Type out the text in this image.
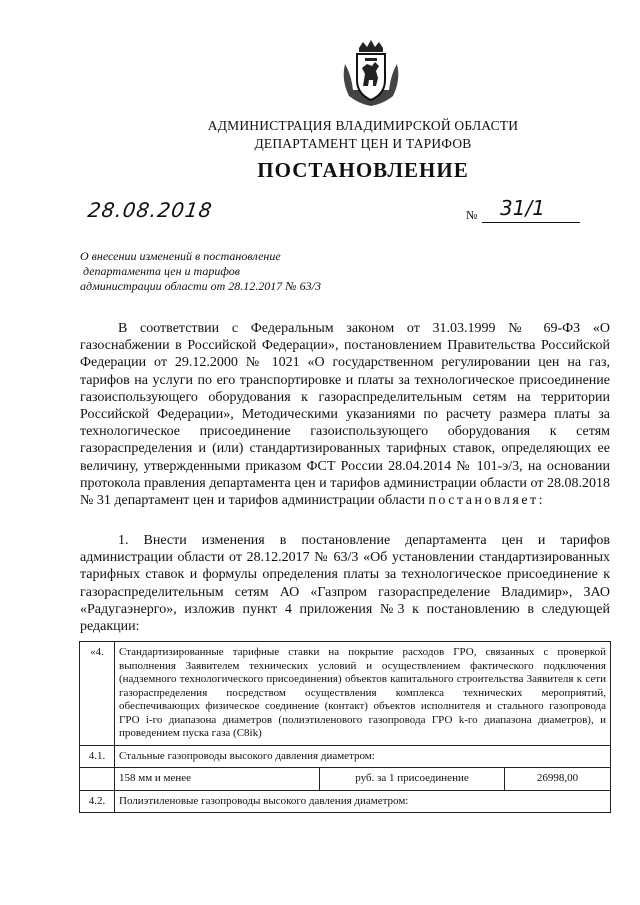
АДМИНИСТРАЦИЯ ВЛАДИМИРСКОЙ ОБЛАСТИ
ДЕПАРТАМЕНТ ЦЕН И ТАРИФОВ
ПОСТАНОВЛЕНИЕ
28.08.2018	№ 31/1
О внесении изменений в постановление
департамента цен и тарифов
администрации области от 28.12.2017 № 63/3
В соответствии с Федеральным законом от 31.03.1999 № 69-ФЗ «О газоснабжении в Российской Федерации», постановлением Правительства Российской Федерации от 29.12.2000 № 1021 «О государственном регулировании цен на газ, тарифов на услуги по его транспортировке и платы за технологическое присоединение газоиспользующего оборудования к газораспределительным сетям на территории Российской Федерации», Методическими указаниями по расчету размера платы за технологическое присоединение газоиспользующего оборудования к сетям газораспределения и (или) стандартизированных тарифных ставок, определяющих ее величину, утвержденными приказом ФСТ России 28.04.2014 № 101-э/3, на основании протокола правления департамента цен и тарифов администрации области от 28.08.2018 № 31 департамент цен и тарифов администрации области постановляет:
1. Внести изменения в постановление департамента цен и тарифов администрации области от 28.12.2017 № 63/3 «Об установлении стандартизированных тарифных ставок и формулы определения платы за технологическое присоединение к газораспределительным сетям АО «Газпром газораспределение Владимир», ЗАО «Радугаэнерго», изложив пункт 4 приложения №3 к постановлению в следующей редакции:
«4.	Стандартизированные тарифные ставки на покрытие расходов ГРО, связанных с проверкой выполнения Заявителем технических условий и осуществлением фактического подключения (надземного технологического присоединения) объектов капитального строительства Заявителя к сети газораспределения посредством осуществления комплекса технических мероприятий, обеспечивающих физическое соединение (контакт) объектов исполнителя и стального газопровода ГРО i-го диапазона диаметров (полиэтиленового газопровода ГРО k-го диапазона диаметров), и проведением пуска газа (C8ik)		
4.1.	Стальные газопроводы высокого давления диаметром:		
	158 мм и менее	руб. за 1 присоединение	26998,00
4.2.	Полиэтиленовые газопроводы высокого давления диаметром:		
